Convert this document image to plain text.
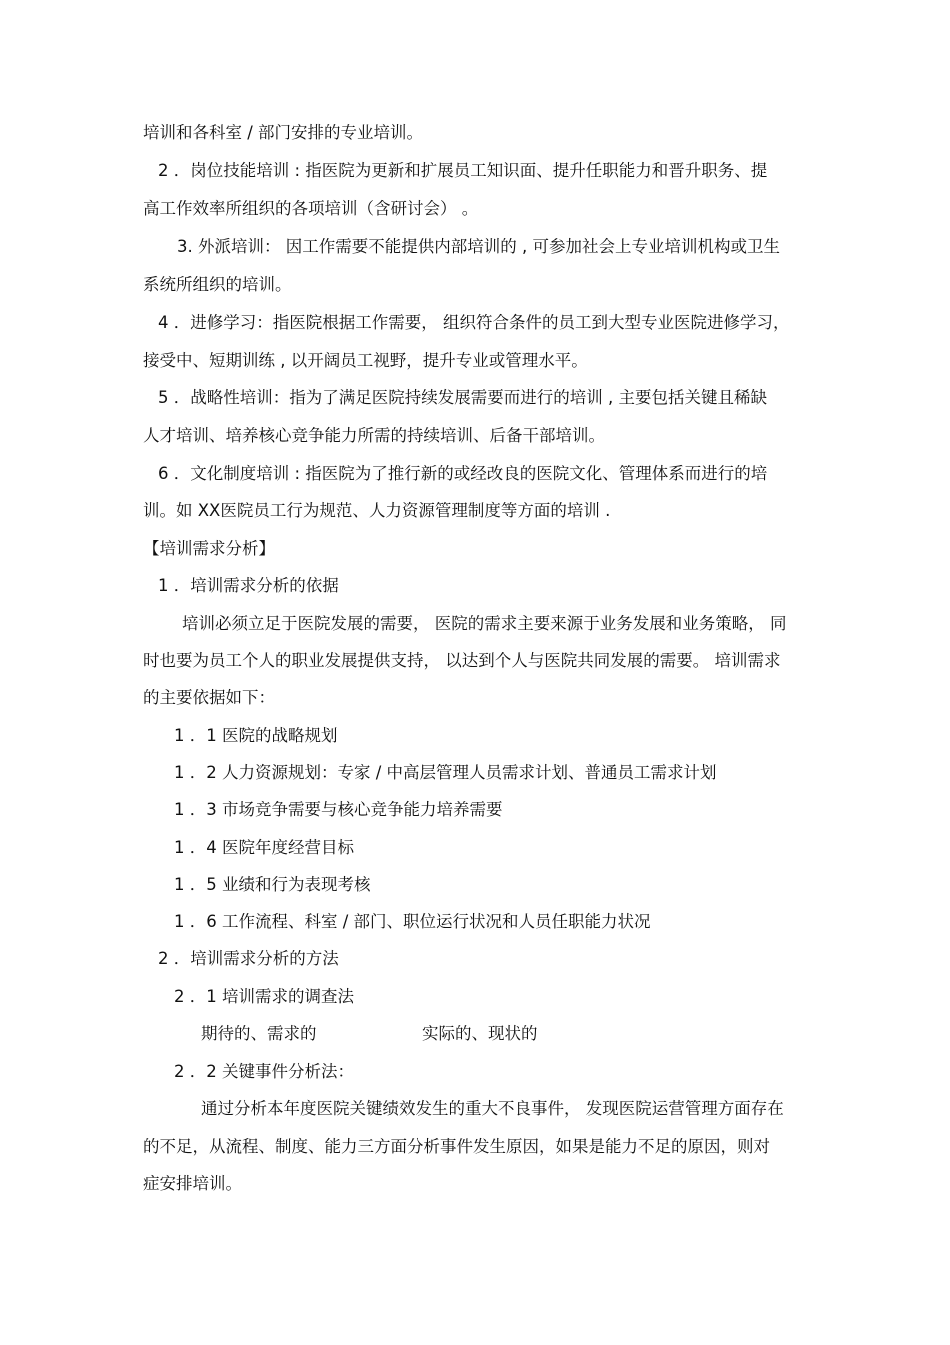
培训和各科室 / 部门安排的专业培训。
2 ．岗位技能培训 : 指医院为更新和扩展员工知识面、提升任职能力和晋升职务、提
高工作效率所组织的各项培训（含研讨会） 。
3. 外派培训： 因工作需要不能提供内部培训的 , 可参加社会上专业培训机构或卫生
系统所组织的培训。
4 ．进修学习：指医院根据工作需要， 组织符合条件的员工到大型专业医院进修学习，
接受中、短期训练 , 以开阔员工视野，提升专业或管理水平。
5 ．战略性培训：指为了满足医院持续发展需要而进行的培训 , 主要包括关键且稀缺
人才培训、培养核心竞争能力所需的持续培训、后备干部培训。
6 ．文化制度培训 : 指医院为了推行新的或经改良的医院文化、管理体系而进行的培
训。如 XX医院员工行为规范、人力资源管理制度等方面的培训 .
【培训需求分析】
1 ．培训需求分析的依据
培训必须立足于医院发展的需要， 医院的需求主要来源于业务发展和业务策略， 同
时也要为员工个人的职业发展提供支持， 以达到个人与医院共同发展的需要。 培训需求
的主要依据如下：
1 ．1 医院的战略规划
1 ．2 人力资源规划：专家 / 中高层管理人员需求计划、普通员工需求计划
1 ．3 市场竞争需要与核心竞争能力培养需要
1 ．4 医院年度经营目标
1 ．5 业绩和行为表现考核
1 ．6 工作流程、科室 / 部门、职位运行状况和人员任职能力状况
2 ．培训需求分析的方法
2 ．1 培训需求的调查法
期待的、需求的	实际的、现状的
2 ．2 关键事件分析法：
通过分析本年度医院关键绩效发生的重大不良事件， 发现医院运营管理方面存在
的不足，从流程、制度、能力三方面分析事件发生原因，如果是能力不足的原因，则对
症安排培训。
